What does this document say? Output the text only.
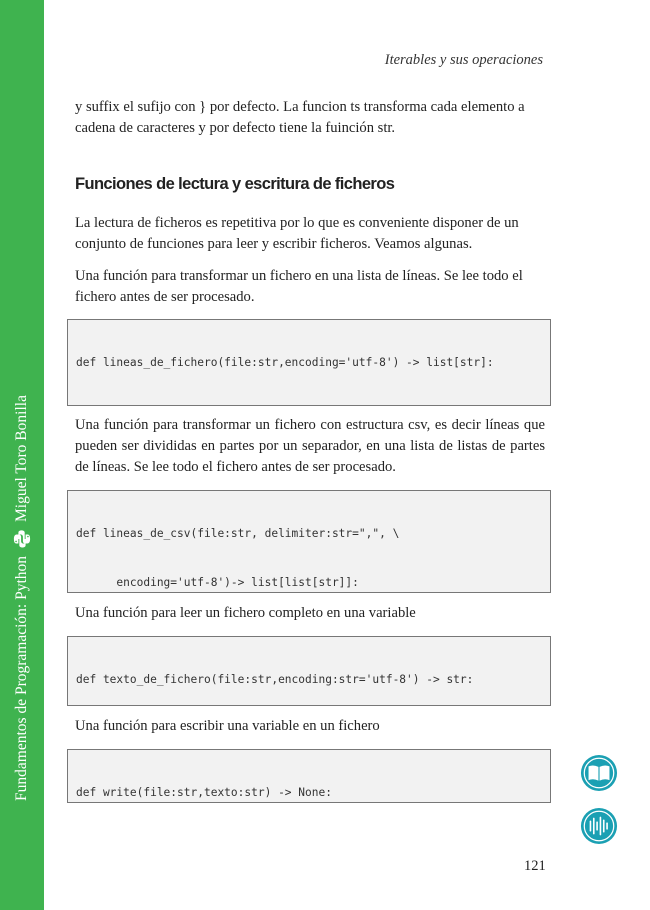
Fundamentos de Programación: Python
Miguel Toro Bonilla
Iterables y sus operaciones

y suffix el sufijo con } por defecto. La funcion ts transforma cada elemento a cadena de caracteres y por defecto tiene la fuinción str.

Funciones de lectura y escritura de ficheros

La lectura de ficheros es repetitiva por lo que es conveniente disponer de un conjunto de funciones para leer y escribir ficheros. Veamos algunas.

Una función para transformar un fichero en una lista de líneas. Se lee todo el fichero antes de ser procesado.

def lineas_de_fichero(file:str,encoding='utf-8') -> list[str]:

Una función para transformar un fichero con estructura csv, es decir líneas que pueden ser divididas en partes por un separador, en una lista de listas de partes de líneas. Se lee todo el fichero antes de ser procesado.

def lineas_de_csv(file:str, delimiter:str=",", \

encoding='utf-8')-> list[list[str]]:

Una función para leer un fichero completo en una variable

def texto_de_fichero(file:str,encoding:str='utf-8') -> str:

Una función para escribir una variable en un fichero

def write(file:str,texto:str) -> None:

121
